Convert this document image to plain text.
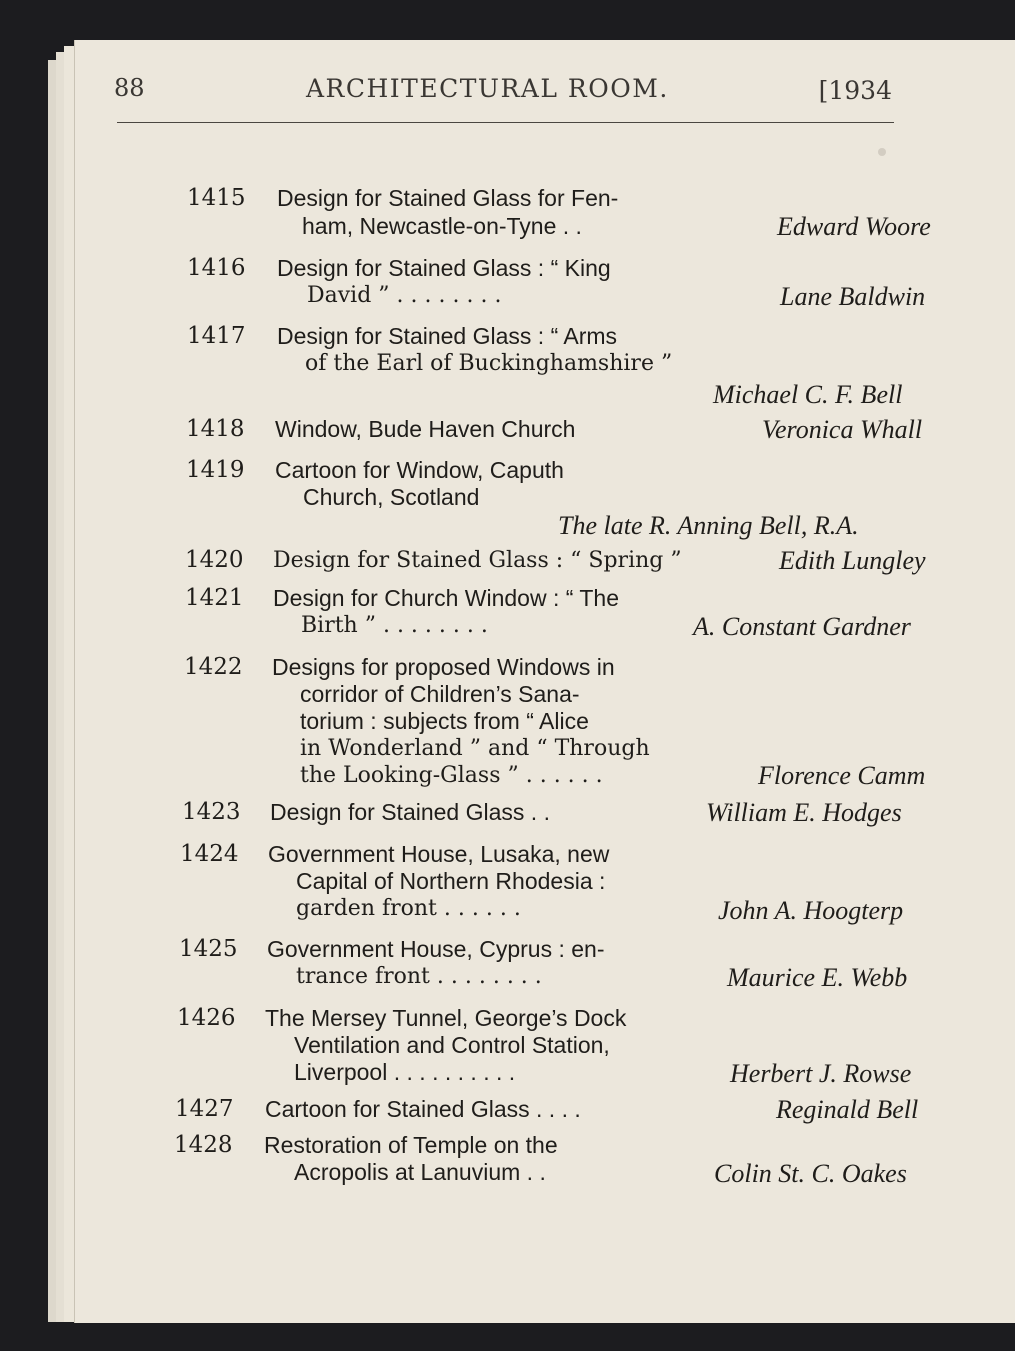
88	ARCHITECTURAL ROOM.	[1934
1415 Design for Stained Glass for Fen-
ham, Newcastle-on-Tyne . .	Edward Woore
1416 Design for Stained Glass : “ King
David ” . . . . . . . .	Lane Baldwin
1417 Design for Stained Glass : “ Arms
of the Earl of Buckinghamshire ”
Michael C. F. Bell
1418 Window, Bude Haven Church	Veronica Whall
1419 Cartoon for Window, Caputh
Church, Scotland
The late R. Anning Bell, R.A.
1420 Design for Stained Glass : “ Spring ”	Edith Lungley
1421 Design for Church Window : “ The
Birth ” . . . . . . . .	A. Constant Gardner
1422 Designs for proposed Windows in
corridor of Children’s Sana-
torium : subjects from “ Alice
in Wonderland ” and “ Through
the Looking-Glass ” . . . . . .	Florence Camm
1423 Design for Stained Glass . .	William E. Hodges
1424 Government House, Lusaka, new
Capital of Northern Rhodesia :
garden front . . . . . .	John A. Hoogterp
1425 Government House, Cyprus : en-
trance front . . . . . . . .	Maurice E. Webb
1426 The Mersey Tunnel, George’s Dock
Ventilation and Control Station,
Liverpool . . . . . . . . . .	Herbert J. Rowse
1427 Cartoon for Stained Glass . . . .	Reginald Bell
1428 Restoration of Temple on the
Acropolis at Lanuvium . .	Colin St. C. Oakes
